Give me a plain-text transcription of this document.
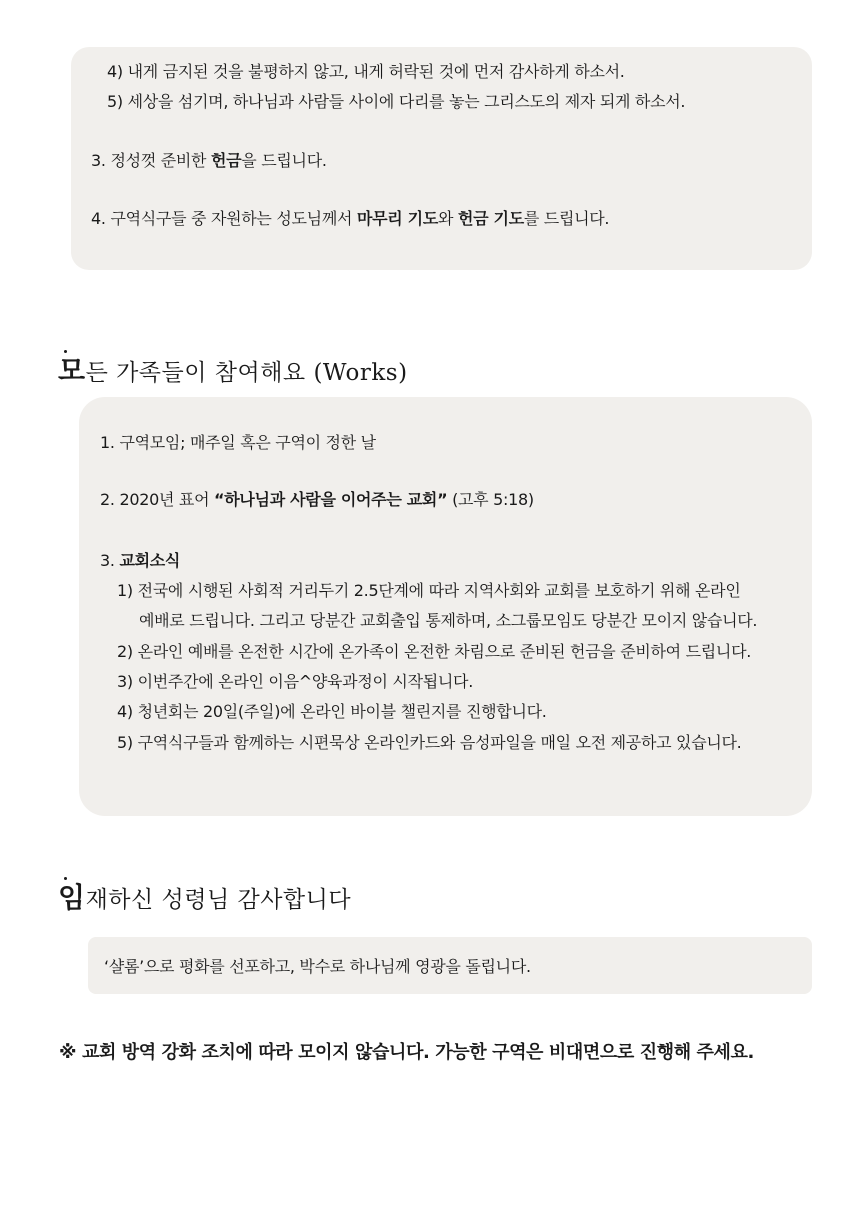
4) 내게 금지된 것을 불평하지 않고, 내게 허락된 것에 먼저 감사하게 하소서.
5) 세상을 섬기며, 하나님과 사람들 사이에 다리를 놓는 그리스도의 제자 되게 하소서.
3. 정성껏 준비한 헌금을 드립니다.
4. 구역식구들 중 자원하는 성도님께서 마무리 기도와 헌금 기도를 드립니다.
모든 가족들이 참여해요 (Works)
1. 구역모임; 매주일 혹은 구역이 정한 날
2. 2020년 표어 “하나님과 사람을 이어주는 교회” (고후 5:18)
3. 교회소식
1) 전국에 시행된 사회적 거리두기 2.5단계에 따라 지역사회와 교회를 보호하기 위해 온라인
예배로 드립니다. 그리고 당분간 교회출입 통제하며, 소그룹모임도 당분간 모이지 않습니다.
2) 온라인 예배를 온전한 시간에 온가족이 온전한 차림으로 준비된 헌금을 준비하여 드립니다.
3) 이번주간에 온라인 이음^양육과정이 시작됩니다.
4) 청년회는 20일(주일)에 온라인 바이블 챌린지를 진행합니다.
5) 구역식구들과 함께하는 시편묵상 온라인카드와 음성파일을 매일 오전 제공하고 있습니다.
임재하신 성령님 감사합니다
‘샬롬’으로 평화를 선포하고, 박수로 하나님께 영광을 돌립니다.
※ 교회 방역 강화 조치에 따라 모이지 않습니다. 가능한 구역은 비대면으로 진행해 주세요.
